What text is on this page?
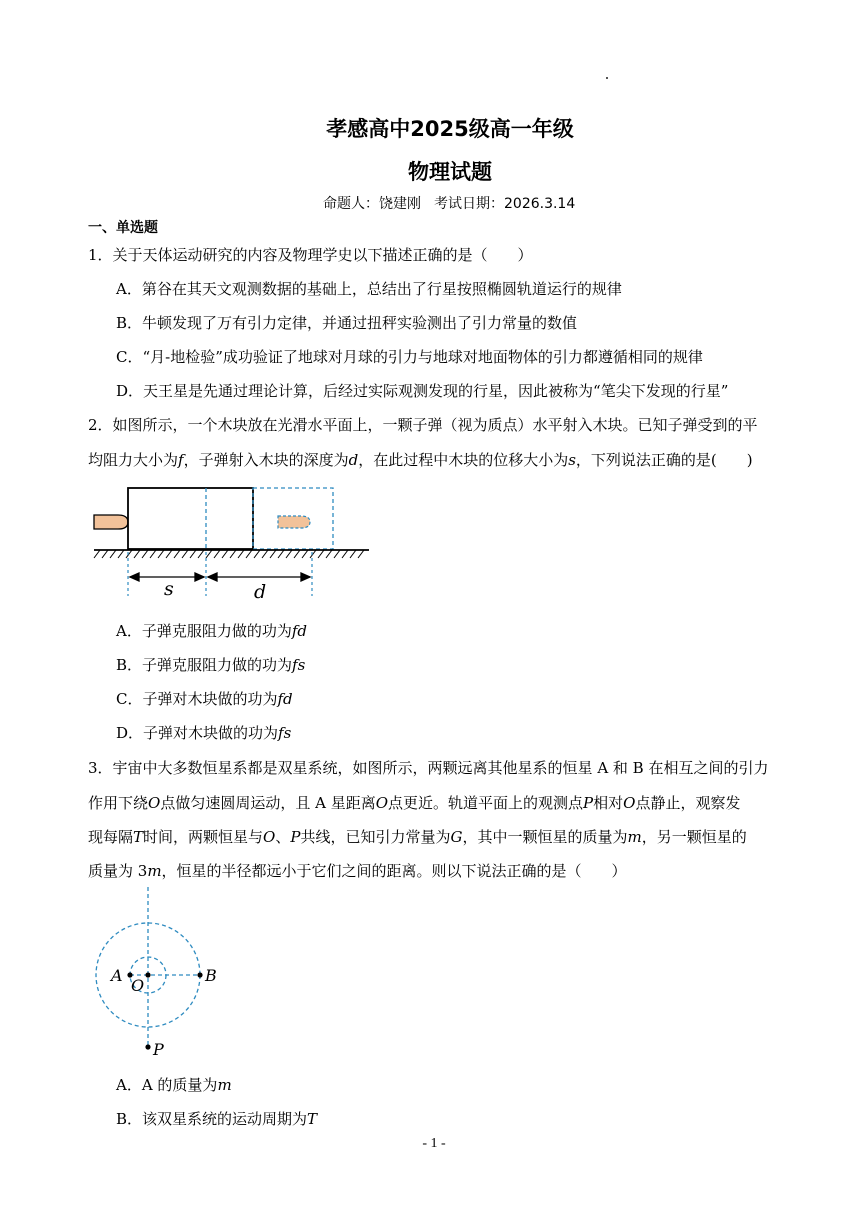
孝感高中2025级高一年级
物理试题
命题人：饶建刚 考试日期：2026.3.14
一、单选题
1．关于天体运动研究的内容及物理学史以下描述正确的是（　　）
A．第谷在其天文观测数据的基础上，总结出了行星按照椭圆轨道运行的规律
B．牛顿发现了万有引力定律，并通过扭秤实验测出了引力常量的数值
C．“月-地检验”成功验证了地球对月球的引力与地球对地面物体的引力都遵循相同的规律
D．天王星是先通过理论计算，后经过实际观测发现的行星，因此被称为“笔尖下发现的行星”
2．如图所示，一个木块放在光滑水平面上，一颗子弹（视为质点）水平射入木块。已知子弹受到的平
均阻力大小为f，子弹射入木块的深度为d，在此过程中木块的位移大小为s，下列说法正确的是(　　)
s	d
A．子弹克服阻力做的功为fd
B．子弹克服阻力做的功为fs
C．子弹对木块做的功为fd
D．子弹对木块做的功为fs
3．宇宙中大多数恒星系都是双星系统，如图所示，两颗远离其他星系的恒星 A 和 B 在相互之间的引力
作用下绕O点做匀速圆周运动，且 A 星距离O点更近。轨道平面上的观测点P相对O点静止，观察发
现每隔T时间，两颗恒星与O、P共线，已知引力常量为G，其中一颗恒星的质量为m，另一颗恒星的
质量为 3m，恒星的半径都远小于它们之间的距离。则以下说法正确的是（　　）
A
O
B
P
A．A 的质量为m
B．该双星系统的运动周期为T
- 1 -
